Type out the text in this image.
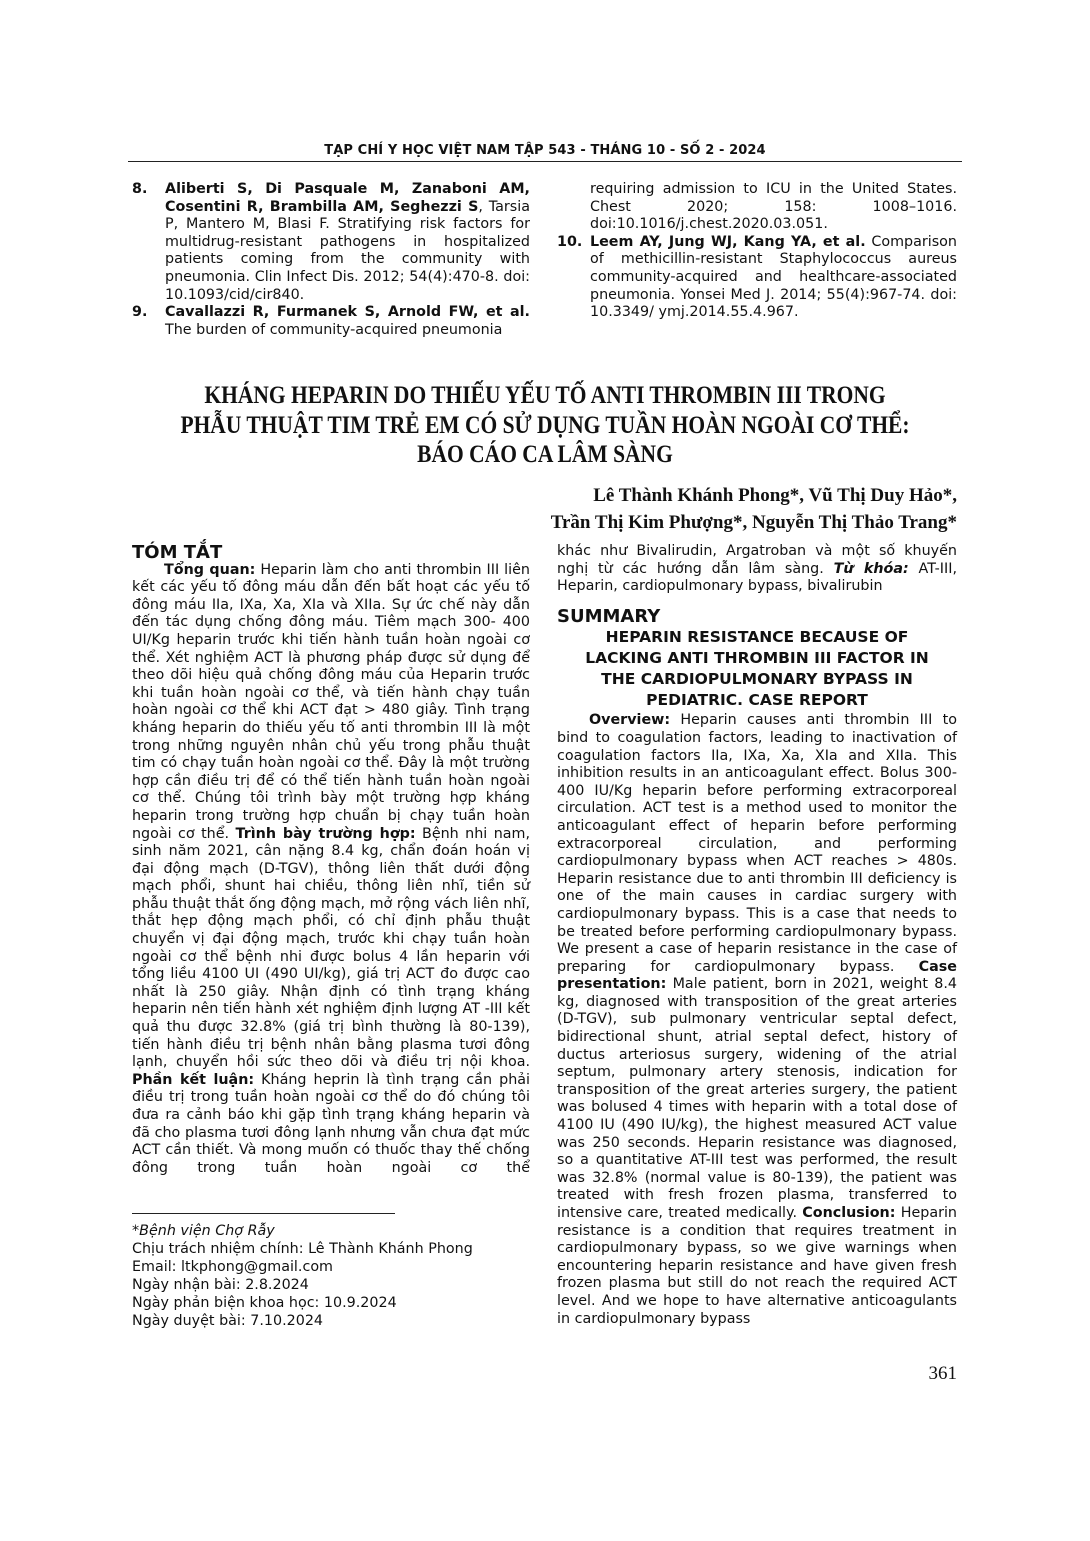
TẠP CHÍ Y HỌC VIỆT NAM TẬP 543 - THÁNG 10 - SỐ 2 - 2024

8. Aliberti S, Di Pasquale M, Zanaboni AM, Cosentini R, Brambilla AM, Seghezzi S, Tarsia P, Mantero M, Blasi F. Stratifying risk factors for multidrug-resistant pathogens in hospitalized patients coming from the community with pneumonia. Clin Infect Dis. 2012; 54(4):470-8. doi: 10.1093/cid/cir840.

9. Cavallazzi R, Furmanek S, Arnold FW, et al. The burden of community-acquired pneumonia

requiring admission to ICU in the United States. Chest 2020; 158: 1008–1016. doi:10.1016/j.chest.2020.03.051.

10. Leem AY, Jung WJ, Kang YA, et al. Comparison of methicillin-resistant Staphylococcus aureus community-acquired and healthcare-associated pneumonia. Yonsei Med J. 2014; 55(4):967-74. doi: 10.3349/ ymj.2014.55.4.967.

KHÁNG HEPARIN DO THIẾU YẾU TỐ ANTI THROMBIN III TRONG
PHẪU THUẬT TIM TRẺ EM CÓ SỬ DỤNG TUẦN HOÀN NGOÀI CƠ THỂ:
BÁO CÁO CA LÂM SÀNG
Lê Thành Khánh Phong*, Vũ Thị Duy Hảo*,
Trần Thị Kim Phượng*, Nguyễn Thị Thảo Trang*
TÓM TẮT

Tổng quan: Heparin làm cho anti thrombin III liên kết các yếu tố đông máu dẫn đến bất hoạt các yếu tố đông máu IIa, IXa, Xa, XIa và XIIa. Sự ức chế này dẫn đến tác dụng chống đông máu. Tiêm mạch 300- 400 UI/Kg heparin trước khi tiến hành tuần hoàn ngoài cơ thể. Xét nghiệm ACT là phương pháp được sử dụng để theo dõi hiệu quả chống đông máu của Heparin trước khi tuần hoàn ngoài cơ thể, và tiến hành chạy tuần hoàn ngoài cơ thể khi ACT đạt > 480 giây. Tình trạng kháng heparin do thiếu yếu tố anti thrombin III là một trong những nguyên nhân chủ yếu trong phẫu thuật tim có chạy tuần hoàn ngoài cơ thể. Đây là một trường hợp cần điều trị để có thể tiến hành tuần hoàn ngoài cơ thể. Chúng tôi trình bày một trường hợp kháng heparin trong trường hợp chuẩn bị chạy tuần hoàn ngoài cơ thể. Trình bày trường hợp: Bệnh nhi nam, sinh năm 2021, cân nặng 8.4 kg, chẩn đoán hoán vị đại động mạch (D-TGV), thông liên thất dưới động mạch phổi, shunt hai chiều, thông liên nhĩ, tiền sử phẫu thuật thắt ống động mạch, mở rộng vách liên nhĩ, thắt hẹp động mạch phổi, có chỉ định phẫu thuật chuyển vị đại động mạch, trước khi chạy tuần hoàn ngoài cơ thể bệnh nhi được bolus 4 lần heparin với tổng liều 4100 UI (490 UI/kg), giá trị ACT đo được cao nhất là 250 giây. Nhận định có tình trạng kháng heparin nên tiến hành xét nghiệm định lượng AT -III kết quả thu được 32.8% (giá trị bình thường là 80-139), tiến hành điều trị bệnh nhân bằng plasma tươi đông lạnh, chuyển hồi sức theo dõi và điều trị nội khoa. Phần kết luận: Kháng heprin là tình trạng cần phải điều trị trong tuần hoàn ngoài cơ thể do đó chúng tôi đưa ra cảnh báo khi gặp tình trạng kháng heparin và đã cho plasma tươi đông lạnh nhưng vẫn chưa đạt mức ACT cần thiết. Và mong muốn có thuốc thay thế chống đông trong tuần hoàn ngoài cơ thể

*Bệnh viện Chợ Rẫy
Chịu trách nhiệm chính: Lê Thành Khánh Phong
Email: ltkphong@gmail.com
Ngày nhận bài: 2.8.2024
Ngày phản biện khoa học: 10.9.2024
Ngày duyệt bài: 7.10.2024

khác như Bivalirudin, Argatroban và một số khuyến nghị từ các hướng dẫn lâm sàng. Từ khóa: AT-III, Heparin, cardiopulmonary bypass, bivalirubin

SUMMARY
HEPARIN RESISTANCE BECAUSE OF
LACKING ANTI THROMBIN III FACTOR IN
THE CARDIOPULMONARY BYPASS IN
PEDIATRIC. CASE REPORT

Overview: Heparin causes anti thrombin III to bind to coagulation factors, leading to inactivation of coagulation factors IIa, IXa, Xa, XIa and XIIa. This inhibition results in an anticoagulant effect. Bolus 300-400 IU/Kg heparin before performing extracorporeal circulation. ACT test is a method used to monitor the anticoagulant effect of heparin before performing extracorporeal circulation, and performing cardiopulmonary bypass when ACT reaches > 480s. Heparin resistance due to anti thrombin III deficiency is one of the main causes in cardiac surgery with cardiopulmonary bypass. This is a case that needs to be treated before performing cardiopulmonary bypass. We present a case of heparin resistance in the case of preparing for cardiopulmonary bypass. Case presentation: Male patient, born in 2021, weight 8.4 kg, diagnosed with transposition of the great arteries (D-TGV), sub pulmonary ventricular septal defect, bidirectional shunt, atrial septal defect, history of ductus arteriosus surgery, widening of the atrial septum, pulmonary artery stenosis, indication for transposition of the great arteries surgery, the patient was bolused 4 times with heparin with a total dose of 4100 IU (490 IU/kg), the highest measured ACT value was 250 seconds. Heparin resistance was diagnosed, so a quantitative AT-III test was performed, the result was 32.8% (normal value is 80-139), the patient was treated with fresh frozen plasma, transferred to intensive care, treated medically. Conclusion: Heparin resistance is a condition that requires treatment in cardiopulmonary bypass, so we give warnings when encountering heparin resistance and have given fresh frozen plasma but still do not reach the required ACT level. And we hope to have alternative anticoagulants in cardiopulmonary bypass

361
